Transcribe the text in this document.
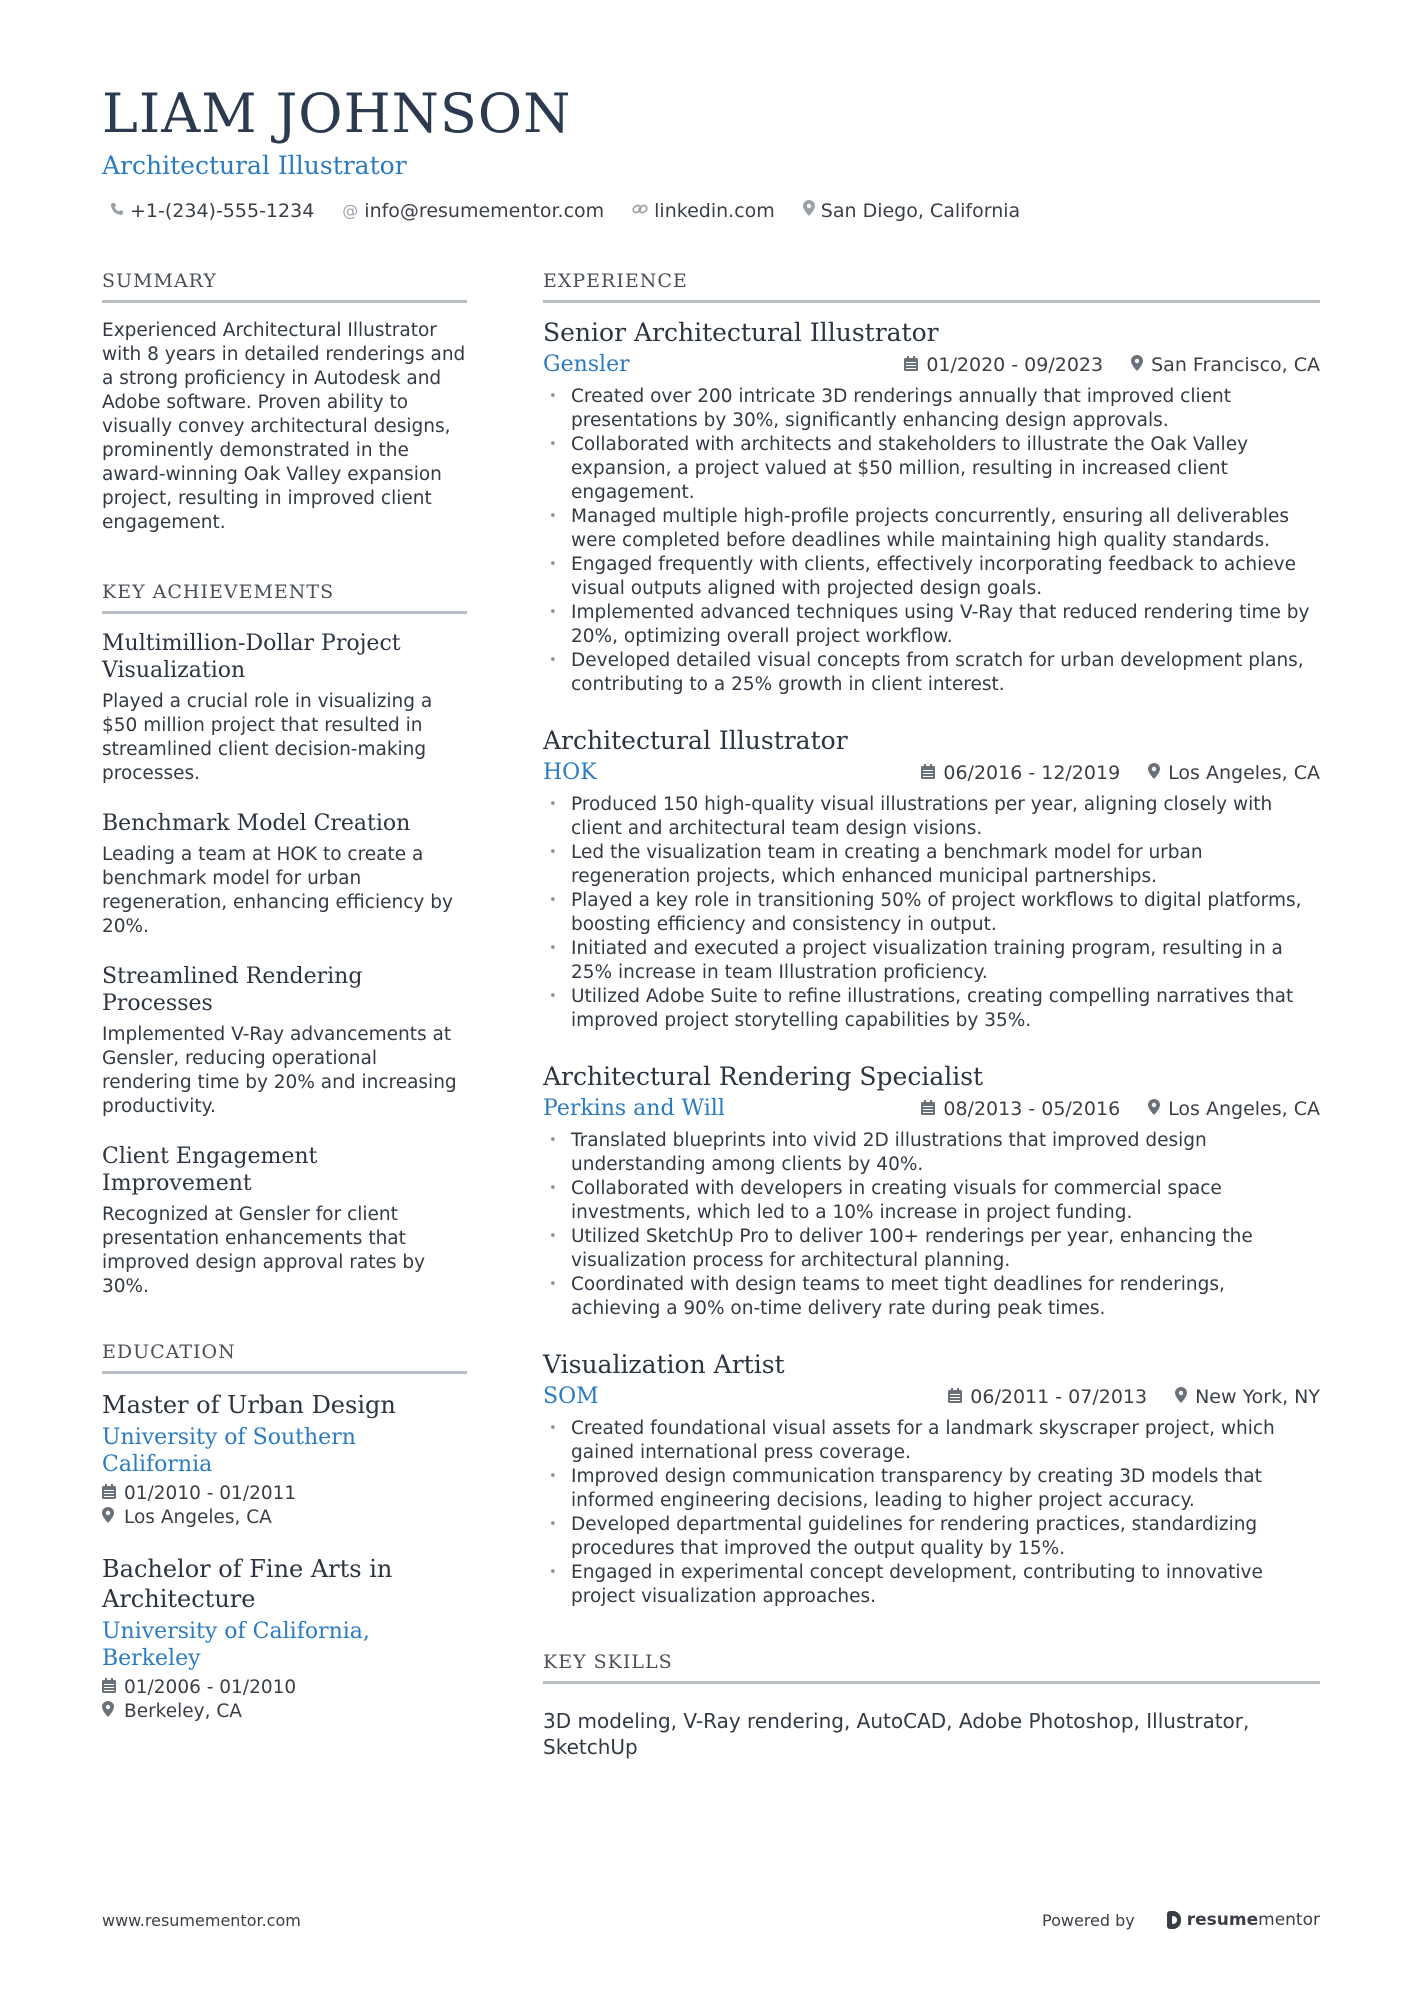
LIAM JOHNSON
Architectural Illustrator
+1-(234)-555-1234 @ info@resumementor.com	linkedin.com San Diego, California
SUMMARY
Experienced Architectural Illustrator with 8 years in detailed renderings and a strong proficiency in Autodesk and Adobe software. Proven ability to visually convey architectural designs, prominently demonstrated in the award-winning Oak Valley expansion project, resulting in improved client engagement.
KEY ACHIEVEMENTS
Multimillion-Dollar Project Visualization
Played a crucial role in visualizing a $50 million project that resulted in streamlined client decision-making processes.
Benchmark Model Creation
Leading a team at HOK to create a benchmark model for urban regeneration, enhancing efficiency by 20%.
Streamlined Rendering Processes
Implemented V-Ray advancements at Gensler, reducing operational rendering time by 20% and increasing productivity.
Client Engagement Improvement
Recognized at Gensler for client presentation enhancements that improved design approval rates by 30%.
EDUCATION
Master of Urban Design
University of Southern California
01/2010 - 01/2011
Los Angeles, CA
Bachelor of Fine Arts in Architecture
University of California, Berkeley
01/2006 - 01/2010
Berkeley, CA
EXPERIENCE
Senior Architectural Illustrator
Gensler	01/2020 - 09/2023	San Francisco, CA
• Created over 200 intricate 3D renderings annually that improved client presentations by 30%, significantly enhancing design approvals.
• Collaborated with architects and stakeholders to illustrate the Oak Valley expansion, a project valued at $50 million, resulting in increased client engagement.
• Managed multiple high-profile projects concurrently, ensuring all deliverables were completed before deadlines while maintaining high quality standards.
• Engaged frequently with clients, effectively incorporating feedback to achieve visual outputs aligned with projected design goals.
• Implemented advanced techniques using V-Ray that reduced rendering time by 20%, optimizing overall project workflow.
• Developed detailed visual concepts from scratch for urban development plans, contributing to a 25% growth in client interest.
Architectural Illustrator
HOK	06/2016 - 12/2019	Los Angeles, CA
• Produced 150 high-quality visual illustrations per year, aligning closely with client and architectural team design visions.
• Led the visualization team in creating a benchmark model for urban regeneration projects, which enhanced municipal partnerships.
• Played a key role in transitioning 50% of project workflows to digital platforms, boosting efficiency and consistency in output.
• Initiated and executed a project visualization training program, resulting in a 25% increase in team Illustration proficiency.
• Utilized Adobe Suite to refine illustrations, creating compelling narratives that improved project storytelling capabilities by 35%.
Architectural Rendering Specialist
Perkins and Will	08/2013 - 05/2016	Los Angeles, CA
• Translated blueprints into vivid 2D illustrations that improved design understanding among clients by 40%.
• Collaborated with developers in creating visuals for commercial space investments, which led to a 10% increase in project funding.
• Utilized SketchUp Pro to deliver 100+ renderings per year, enhancing the visualization process for architectural planning.
• Coordinated with design teams to meet tight deadlines for renderings, achieving a 90% on-time delivery rate during peak times.
Visualization Artist
SOM	06/2011 - 07/2013	New York, NY
• Created foundational visual assets for a landmark skyscraper project, which gained international press coverage.
• Improved design communication transparency by creating 3D models that informed engineering decisions, leading to higher project accuracy.
• Developed departmental guidelines for rendering practices, standardizing procedures that improved the output quality by 15%.
• Engaged in experimental concept development, contributing to innovative project visualization approaches.
KEY SKILLS
3D modeling, V-Ray rendering, AutoCAD, Adobe Photoshop, Illustrator, SketchUp
www.resumementor.com	Powered by	resume mentor
